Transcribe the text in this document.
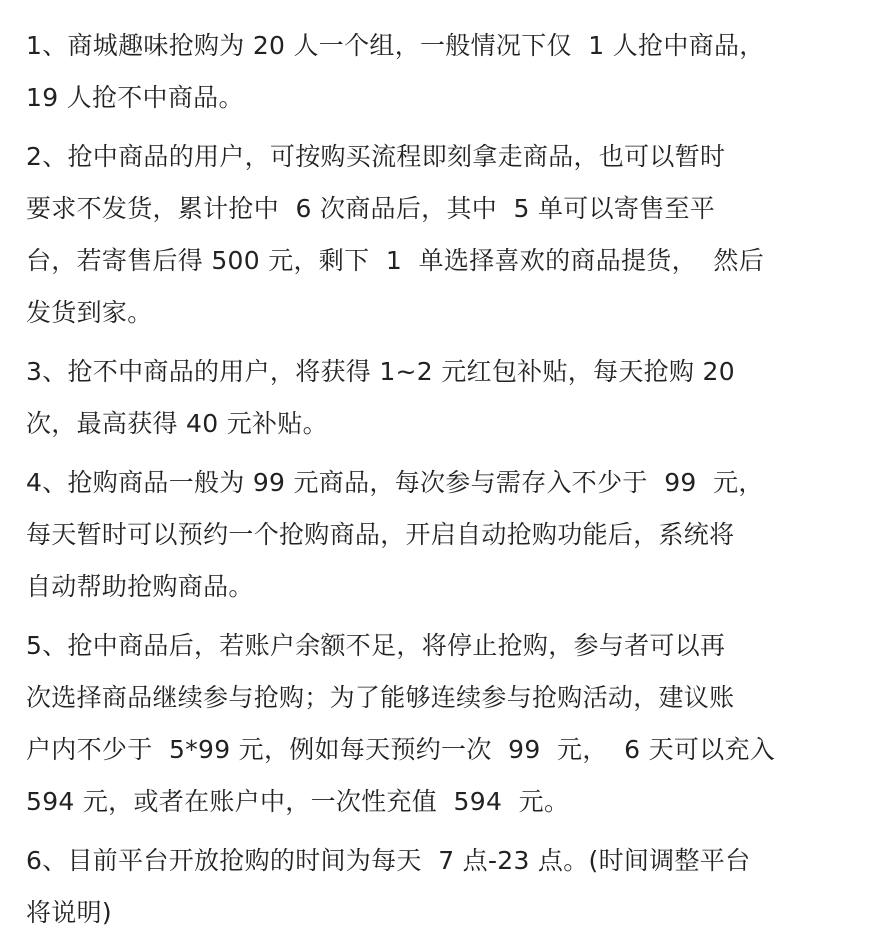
1、商城趣味抢购为 20 人一个组，一般情况下仅  1 人抢中商品，
19 人抢不中商品。
2、抢中商品的用户，可按购买流程即刻拿走商品，也可以暂时
要求不发货，累计抢中  6 次商品后，其中  5 单可以寄售至平
台，若寄售后得 500 元，剩下  1  单选择喜欢的商品提货，  然后
发货到家。
3、抢不中商品的用户，将获得 1~2 元红包补贴，每天抢购 20
次，最高获得 40 元补贴。
4、抢购商品一般为 99 元商品，每次参与需存入不少于  99  元，
每天暂时可以预约一个抢购商品，开启自动抢购功能后，系统将
自动帮助抢购商品。
5、抢中商品后，若账户余额不足，将停止抢购，参与者可以再
次选择商品继续参与抢购；为了能够连续参与抢购活动，建议账
户内不少于  5*99 元，例如每天预约一次  99  元，  6 天可以充入
594 元，或者在账户中，一次性充值  594  元。
6、目前平台开放抢购的时间为每天  7 点-23 点。(时间调整平台
将说明)
